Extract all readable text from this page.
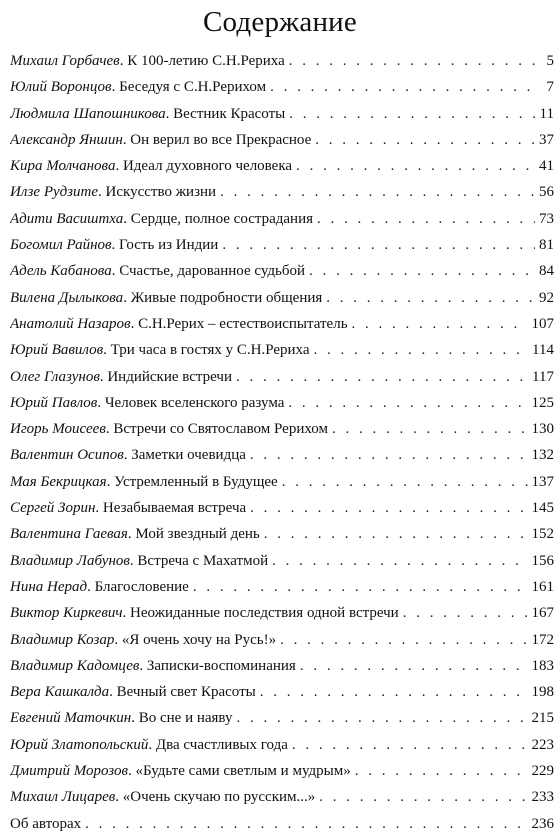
Содержание
Михаил Горбачев. К 100-летию С.Н.Рериха . . .	5
Юлий Воронцов. Беседуя с С.Н.Рерихом . . .	7
Людмила Шапошникова. Вестник Красоты . . .	11
Александр Яншин. Он верил во все Прекрасное . . .	37
Кира Молчанова. Идеал духовного человека . . .	41
Илзе Рудзите. Искусство жизни . . .	56
Адити Васиштха. Сердце, полное сострадания . . .	73
Богомил Райнов. Гость из Индии . . .	81
Адель Кабанова. Счастье, дарованное судьбой . . .	84
Вилена Дылыкова. Живые подробности общения . . .	92
Анатолий Назаров. С.Н.Рерих – естествоиспытатель . . .	107
Юрий Вавилов. Три часа в гостях у С.Н.Рериха . . .	114
Олег Глазунов. Индийские встречи . . .	117
Юрий Павлов. Человек вселенского разума . . .	125
Игорь Моисеев. Встречи со Святославом Рерихом . . .	130
Валентин Осипов. Заметки очевидца . . .	132
Мая Бекрицкая. Устремленный в Будущее . . .	137
Сергей Зорин. Незабываемая встреча . . .	145
Валентина Гаевая. Мой звездный день . . .	152
Владимир Лабунов. Встреча с Махатмой . . .	156
Нина Нерад. Благословение . . .	161
Виктор Киркевич. Неожиданные последствия одной встречи . . .	167
Владимир Козар. «Я очень хочу на Русь!» . . .	172
Владимир Кадомцев. Записки-воспоминания . . .	183
Вера Кашкалда. Вечный свет Красоты . . .	198
Евгений Маточкин. Во сне и наяву . . .	215
Юрий Златопольский. Два счастливых года . . .	223
Дмитрий Морозов. «Будьте сами светлым и мудрым» . . .	229
Михаил Лицарев. «Очень скучаю по русским...» . . .	233
Об авторах . . .	236
